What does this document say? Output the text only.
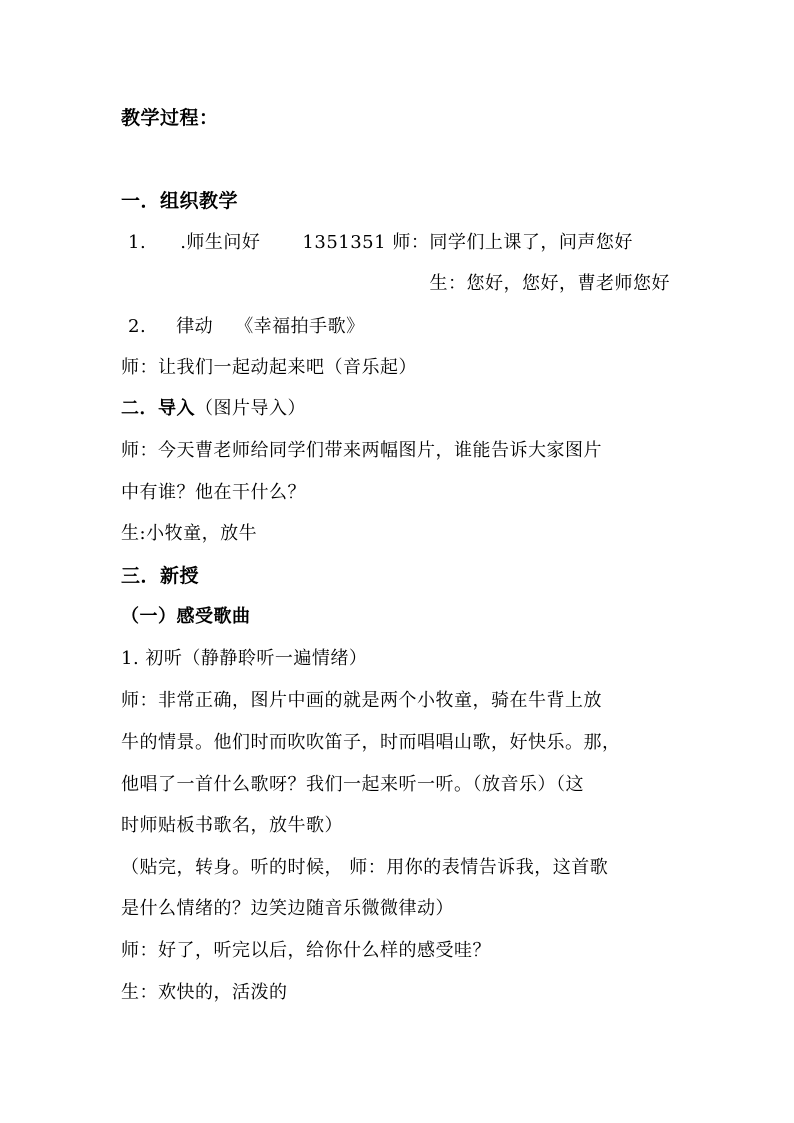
教学过程：
一．组织教学
1. .师生问好 1351351 师：同学们上课了，问声您好
生：您好，您好，曹老师您好
2. 律动 《幸福拍手歌》
师：让我们一起动起来吧（音乐起）
二．导入（图片导入）
师：今天曹老师给同学们带来两幅图片，谁能告诉大家图片
中有谁？他在干什么？
生:小牧童，放牛
三．新授
（一）感受歌曲
1. 初听（静静聆听一遍情绪）
师：非常正确，图片中画的就是两个小牧童，骑在牛背上放
牛的情景。他们时而吹吹笛子，时而唱唱山歌，好快乐。那，
他唱了一首什么歌呀？我们一起来听一听。（放音乐）（这
时师贴板书歌名，放牛歌）
（贴完，转身。听的时候， 师：用你的表情告诉我，这首歌
是什么情绪的？边笑边随音乐微微律动）
师：好了，听完以后，给你什么样的感受哇？
生：欢快的，活泼的
